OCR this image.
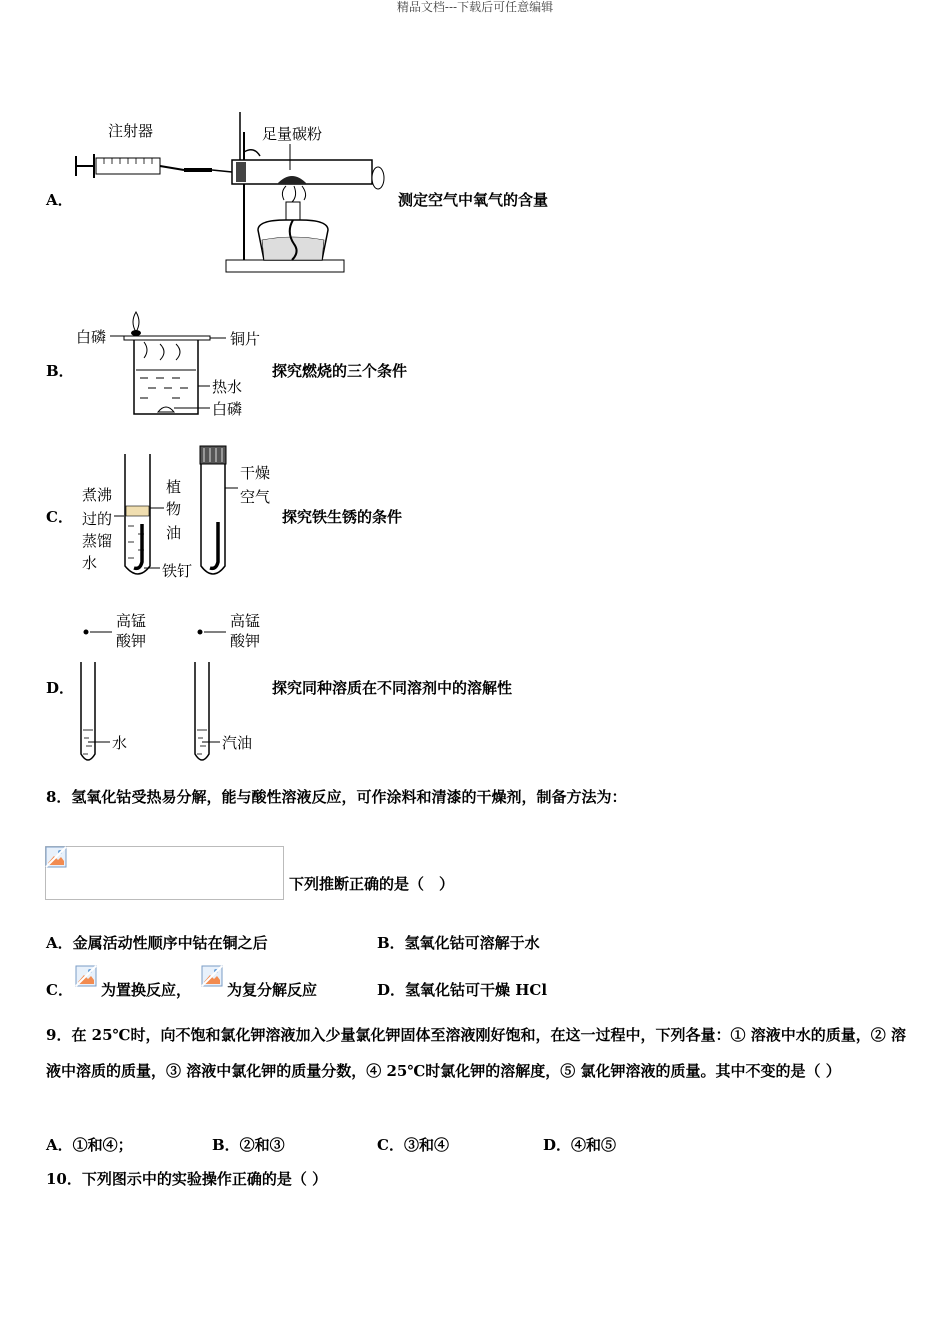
精品文档---下载后可任意编辑
A．
注射器	足量碳粉
测定空气中氧气的含量
B．
白磷	铜片
热水
白磷
探究燃烧的三个条件
C．
煮沸
过的
蒸馏
水
植
物
油
铁钉
干燥
空气
探究铁生锈的条件
D．
高锰
酸钾
水
高锰
酸钾
汽油
探究同种溶质在不同溶剂中的溶解性
8．氢氧化钴受热易分解，能与酸性溶液反应，可作涂料和清漆的干燥剂，制备方法为：
下列推断正确的是（　）
A．金属活动性顺序中钴在铜之后	B．氢氧化钴可溶解于水
C． 为置换反应， 为复分解反应	D．氢氧化钴可干燥 HCl
9．在 25℃时，向不饱和氯化钾溶液加入少量氯化钾固体至溶液刚好饱和，在这一过程中，下列各量：① 溶液中水的质量，② 溶液中溶质的质量，③ 溶液中氯化钾的质量分数，④ 25℃时氯化钾的溶解度，⑤ 氯化钾溶液的质量。其中不变的是（ ）
A．①和④；	B．②和③	C．③和④	D．④和⑤
10．下列图示中的实验操作正确的是（ ）
